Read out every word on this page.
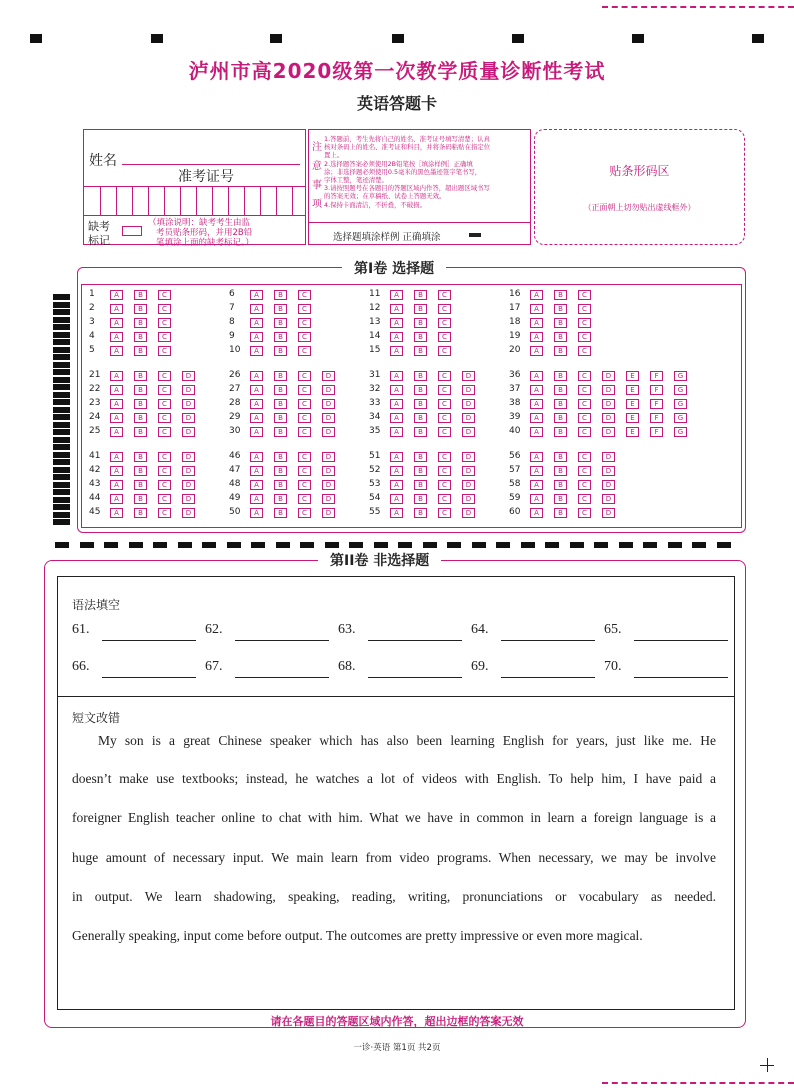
泸州市高2020级第一次教学质量诊断性考试
英语答题卡
姓名
准考证号
缺考
标记
（填涂说明：缺考考生由监
考员贴条形码，并用2B铅
笔填涂上面的缺考标记。）
注
意
事
项
1.答题前，考生先将自己的姓名、准考证号填写清楚；认真
核对条码上的姓名、准考证和科目，并将条码粘贴在指定位
置上。
2.选择题答案必须使用2B铅笔按［填涂样例］正确填
涂；非选择题必须使用0.5毫米的黑色墨迹签字笔书写，
字体工整，笔迹清楚。
3.请按照题号在各题目的答题区域内作答，超出题区域书写
的答案无效；在草稿纸、试卷上答题无效。
4.保持卡面清洁，不折叠，不破损。
选择题填涂样例 正确填涂
贴条形码区
（正面朝上切勿贴出虚线框外）
第Ⅰ卷 选择题
1	A	B	C
2	A	B	C
3	A	B	C
4	A	B	C
5	A	B	C
6	A	B	C
7	A	B	C
8	A	B	C
9	A	B	C
10	A	B	C
11	A	B	C
12	A	B	C
13	A	B	C
14	A	B	C
15	A	B	C
16	A	B	C
17	A	B	C
18	A	B	C
19	A	B	C
20	A	B	C
21	A	B	C	D
22	A	B	C	D
23	A	B	C	D
24	A	B	C	D
25	A	B	C	D
26	A	B	C	D
27	A	B	C	D
28	A	B	C	D
29	A	B	C	D
30	A	B	C	D
31	A	B	C	D
32	A	B	C	D
33	A	B	C	D
34	A	B	C	D
35	A	B	C	D
36	A	B	C	D	E	F	G
37	A	B	C	D	E	F	G
38	A	B	C	D	E	F	G
39	A	B	C	D	E	F	G
40	A	B	C	D	E	F	G
41	A	B	C	D
42	A	B	C	D
43	A	B	C	D
44	A	B	C	D
45	A	B	C	D
46	A	B	C	D
47	A	B	C	D
48	A	B	C	D
49	A	B	C	D
50	A	B	C	D
51	A	B	C	D
52	A	B	C	D
53	A	B	C	D
54	A	B	C	D
55	A	B	C	D
56	A	B	C	D
57	A	B	C	D
58	A	B	C	D
59	A	B	C	D
60	A	B	C	D
第II卷 非选择题
语法填空
61.	62.	63.	64.	65.
66.	67.	68.	69.	70.
短文改错
My son is a great Chinese speaker which has also been learning English for years, just like me. He
doesn’t make use textbooks; instead, he watches a lot of videos with English. To help him, I have paid a
foreigner English teacher online to chat with him. What we have in common in learn a foreign language is a
huge amount of necessary input. We main learn from video programs. When necessary, we may be involve
in output. We learn shadowing, speaking, reading, writing, pronunciations or vocabulary as needed.
Generally speaking, input come before output. The outcomes are pretty impressive or even more magical.
请在各题目的答题区域内作答，超出边框的答案无效
一诊·英语 第1页 共2页
